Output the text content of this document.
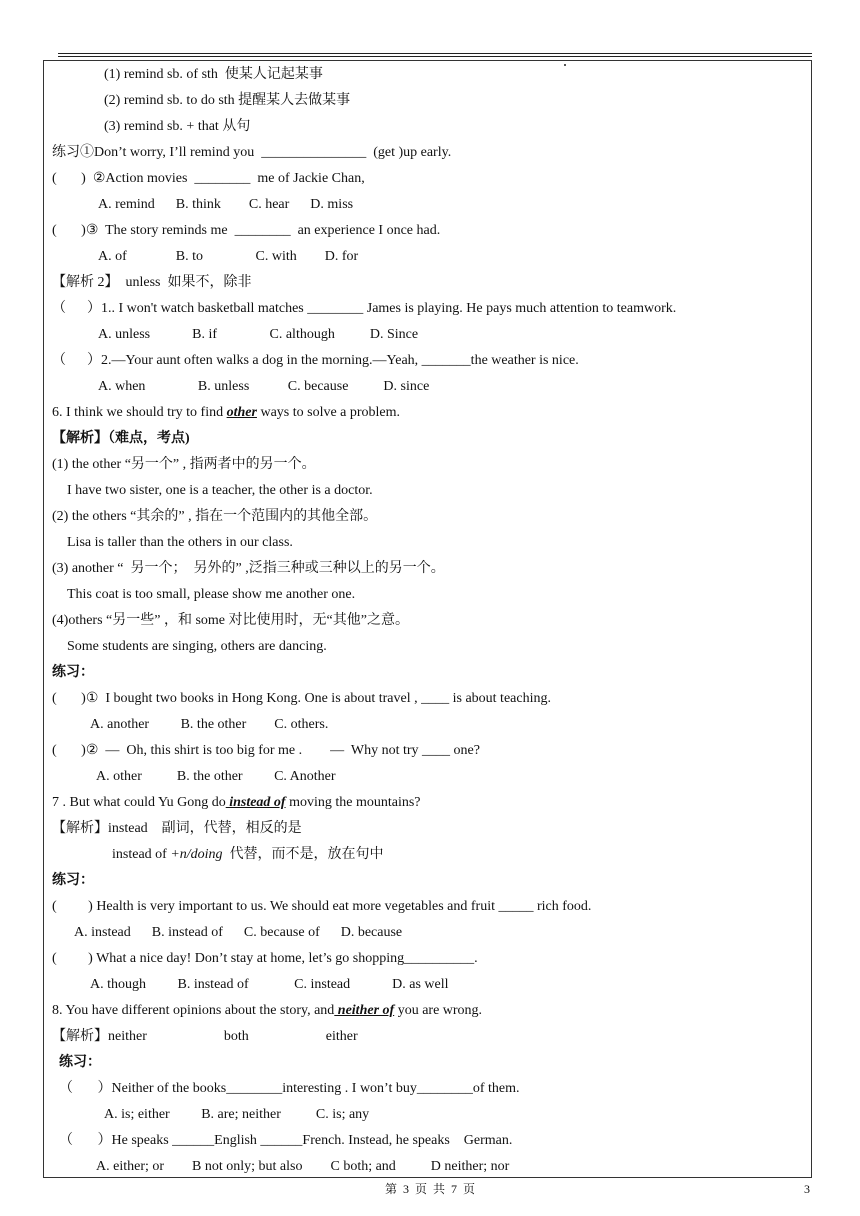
(1) remind sb. of sth  使某人记起某事
(2) remind sb. to do sth 提醒某人去做某事
(3) remind sb. + that 从句
练习①Don’t worry, I’ll remind you  _______________  (get )up early.
(       )  ②Action movies  ________  me of Jackie Chan,
A. remind      B. think        C. hear      D. miss
(       )③  The story reminds me  ________  an experience I once had.
A. of              B. to               C. with        D. for
【解析 2】  unless  如果不，除非
（      ）1.. I won't watch basketball matches ________ James is playing. He pays much attention to teamwork.
A. unless            B. if               C. although          D. Since
（      ）2.—Your aunt often walks a dog in the morning.—Yeah, _______the weather is nice.
A. when               B. unless           C. because          D. since
6. I think we should try to find other ways to solve a problem.
【解析】（难点，考点)
(1) the other “另一个” , 指两者中的另一个。
I have two sister, one is a teacher, the other is a doctor.
(2) the others “其余的” , 指在一个范围内的其他全部。
Lisa is taller than the others in our class.
(3) another “  另一个；  另外的” ,泛指三种或三种以上的另一个。
This coat is too small, please show me another one.
(4)others “另一些” ，和 some 对比使用时，无“其他”之意。
Some students are singing, others are dancing.
练习：
(       )①  I bought two books in Hong Kong. One is about travel , ____ is about teaching.
A. another         B. the other        C. others.
(       )②  —  Oh, this shirt is too big for me .        —  Why not try ____ one?
A. other          B. the other         C. Another
7 . But what could Yu Gong do instead of moving the mountains?
【解析】instead    副词，代替，相反的是
instead of +n/doing  代替，而不是，放在句中
练习：
(         ) Health is very important to us. We should eat more vegetables and fruit _____ rich food.
A. instead      B. instead of      C. because of      D. because
(         ) What a nice day! Don’t stay at home, let’s go shopping__________.
A. though         B. instead of             C. instead            D. as well
8. You have different opinions about the story, and neither of you are wrong.
【解析】neither                      both                      either
练习：
（       ）Neither of the books________interesting . I won’t buy________of them.
A. is; either         B. are; neither          C. is; any
（       ）He speaks ______English ______French. Instead, he speaks    German.
A. either; or        B not only; but also        C both; and          D neither; nor
第  3  页  共  7  页	3
